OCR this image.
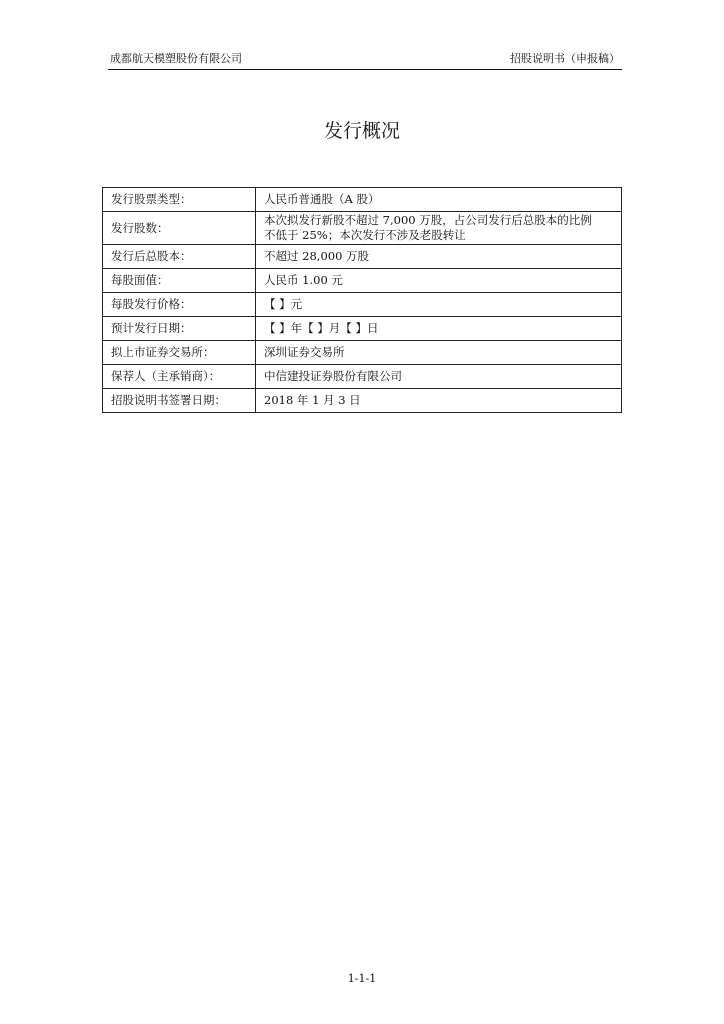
成都航天模塑股份有限公司	招股说明书（申报稿）
发行概况
发行股票类型：	人民币普通股（A 股）
发行股数：	本次拟发行新股不超过 7,000 万股，占公司发行后总股本的比例
不低于 25%；本次发行不涉及老股转让

发行后总股本：	不超过 28,000 万股
每股面值：	人民币 1.00 元
每股发行价格：	【 】元
预计发行日期：	【 】年【 】月【 】日
拟上市证券交易所：	深圳证券交易所
保荐人（主承销商）：	中信建投证券股份有限公司
招股说明书签署日期：	2018 年 1 月 3 日
1-1-1
